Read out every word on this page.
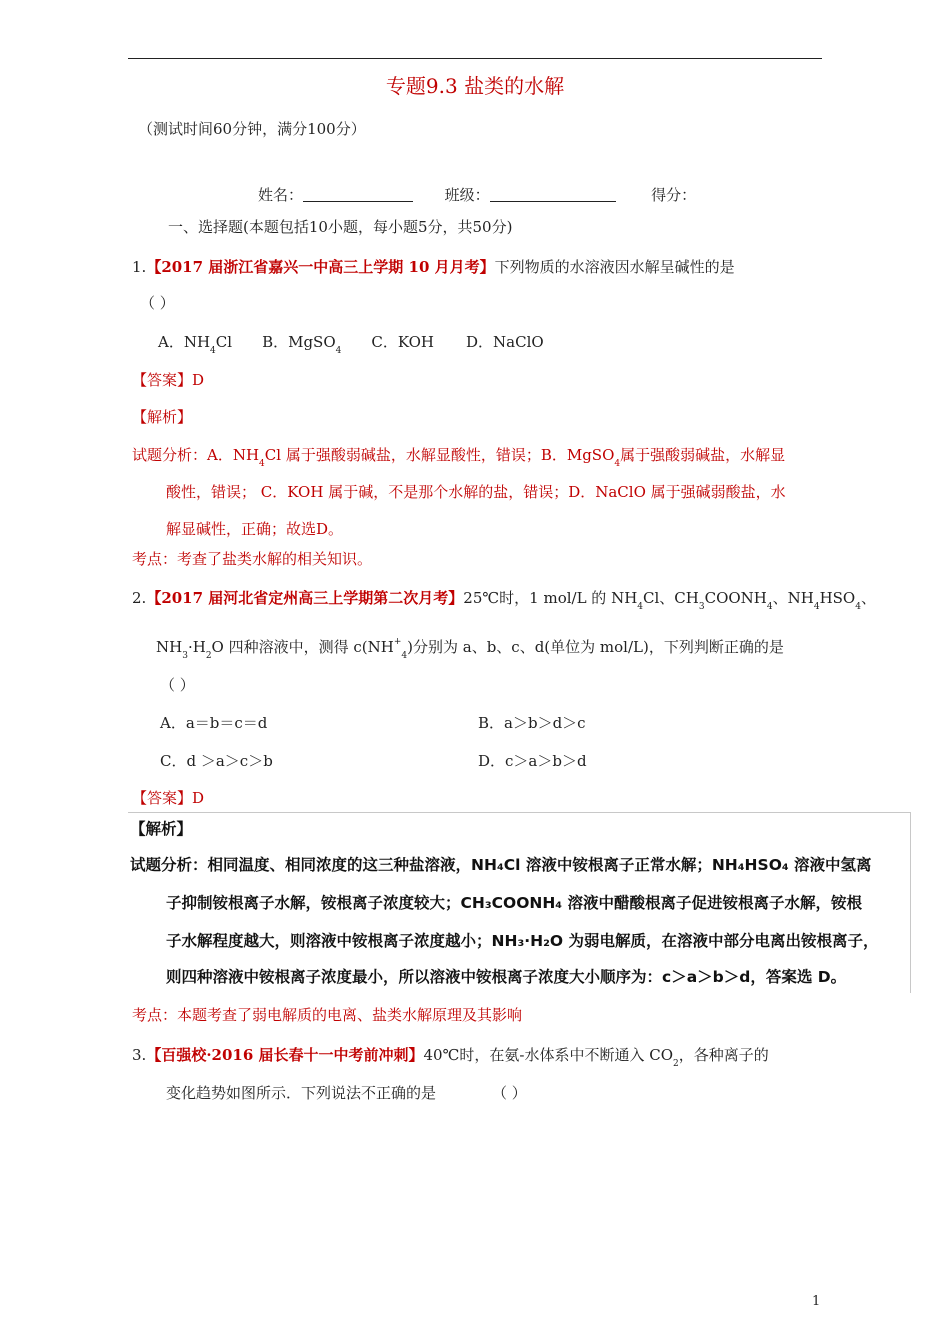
专题9.3 盐类的水解
（测试时间60分钟，满分100分）
姓名：	班级：	得分：
一、选择题(本题包括10小题，每小题5分，共50分)
1.【2017 届浙江省嘉兴一中高三上学期 10 月月考】下列物质的水溶液因水解呈碱性的是
（ ）
A．$NH_4Cl$ B．MgSO$_4$ C．KOH D．NaClO
【答案】D
【解析】
试题分析：A．$NH_4Cl$ 属于强酸弱碱盐，水解显酸性，错误；B．MgSO$_4$属于强酸弱碱盐，水解显
酸性，错误； C．KOH 属于碱，不是那个水解的盐，错误；D．NaClO 属于强碱弱酸盐，水
解显碱性，正确；故选D。
考点：考查了盐类水解的相关知识。
2.【2017 届河北省定州高三上学期第二次月考】25℃时，1 mol/L 的 $NH_4Cl$、$CH_3COONH_4$、$NH_4HSO_4$、
$NH_3\cdot H_2O$ 四种溶液中，测得 $c(NH^+_4)$分别为 a、b、c、d(单位为 mol/L)，下列判断正确的是
（ ）
A．a＝b＝c＝d	B．a＞b＞d＞c
C．d ＞a＞c＞b	D．c＞a＞b＞d
【答案】D
【解析】
试题分析：相同温度、相同浓度的这三种盐溶液，NH₄Cl 溶液中铵根离子正常水解；NH₄HSO₄ 溶液中氢离
子抑制铵根离子水解，铵根离子浓度较大；CH₃COONH₄ 溶液中醋酸根离子促进铵根离子水解，铵根
子水解程度越大，则溶液中铵根离子浓度越小；NH₃·H₂O 为弱电解质，在溶液中部分电离出铵根离子，
则四种溶液中铵根离子浓度最小，所以溶液中铵根离子浓度大小顺序为：c＞a＞b＞d，答案选 D。
考点：本题考查了弱电解质的电离、盐类水解原理及其影响
3.【百强校·2016 届长春十一中考前冲刺】40℃时，在氨-水体系中不断通入 $CO_2$，各种离子的
变化趋势如图所示．下列说法不正确的是	（ ）
1
